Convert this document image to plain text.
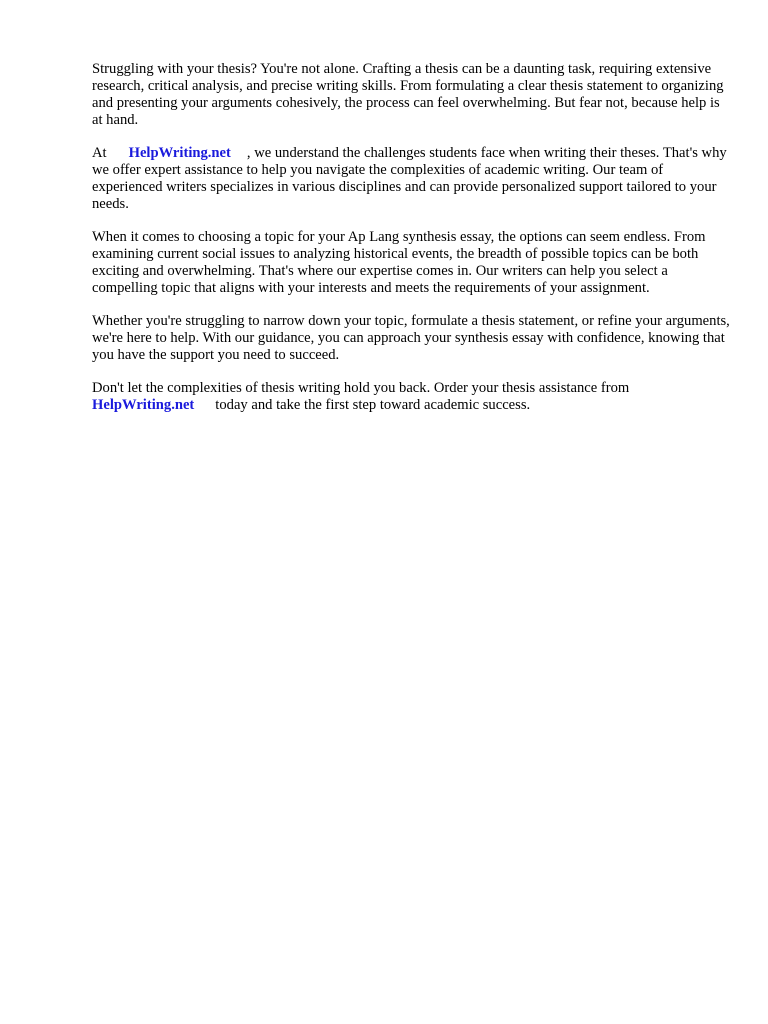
Struggling with your thesis? You're not alone. Crafting a thesis can be a daunting task, requiring extensive research, critical analysis, and precise writing skills. From formulating a clear thesis statement to organizing and presenting your arguments cohesively, the process can feel overwhelming. But fear not, because help is at hand.

At HelpWriting.net , we understand the challenges students face when writing their theses. That's why we offer expert assistance to help you navigate the complexities of academic writing. Our team of experienced writers specializes in various disciplines and can provide personalized support tailored to your needs.

When it comes to choosing a topic for your Ap Lang synthesis essay, the options can seem endless. From examining current social issues to analyzing historical events, the breadth of possible topics can be both exciting and overwhelming. That's where our expertise comes in. Our writers can help you select a compelling topic that aligns with your interests and meets the requirements of your assignment.

Whether you're struggling to narrow down your topic, formulate a thesis statement, or refine your arguments, we're here to help. With our guidance, you can approach your synthesis essay with confidence, knowing that you have the support you need to succeed.

Don't let the complexities of thesis writing hold you back. Order your thesis assistance from
HelpWriting.net today and take the first step toward academic success.
